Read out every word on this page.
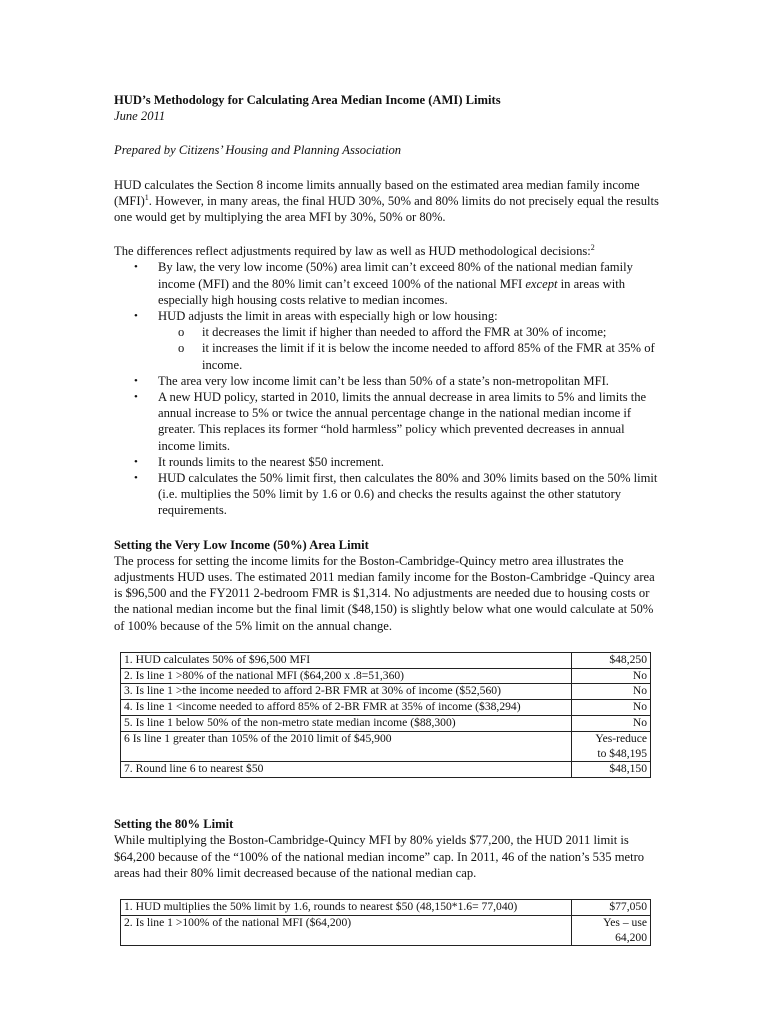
HUD’s Methodology for Calculating Area Median Income (AMI) Limits

June 2011

Prepared by Citizens’ Housing and Planning Association

HUD calculates the Section 8 income limits annually based on the estimated area median family income (MFI)$^1$. However, in many areas, the final HUD 30%, 50% and 80% limits do not precisely equal the results one would get by multiplying the area MFI by 30%, 50% or 80%.

The differences reflect adjustments required by law as well as HUD methodological decisions:$^2$

• By law, the very low income (50%) area limit can’t exceed 80% of the national median family income (MFI) and the 80% limit can’t exceed 100% of the national MFI except in areas with especially high housing costs relative to median incomes.
• HUD adjusts the limit in areas with especially high or low housing:
o it decreases the limit if higher than needed to afford the FMR at 30% of income;
o it increases the limit if it is below the income needed to afford 85% of the FMR at 35% of income.
• The area very low income limit can’t be less than 50% of a state’s non-metropolitan MFI.
• A new HUD policy, started in 2010, limits the annual decrease in area limits to 5% and limits the annual increase to 5% or twice the annual percentage change in the national median income if greater. This replaces its former “hold harmless” policy which prevented decreases in annual income limits.
• It rounds limits to the nearest $50 increment.
• HUD calculates the 50% limit first, then calculates the 80% and 30% limits based on the 50% limit (i.e. multiplies the 50% limit by 1.6 or 0.6) and checks the results against the other statutory requirements.

Setting the Very Low Income (50%) Area Limit

The process for setting the income limits for the Boston-Cambridge-Quincy metro area illustrates the adjustments HUD uses. The estimated 2011 median family income for the Boston-Cambridge -Quincy area is $96,500 and the FY2011 2-bedroom FMR is $1,314. No adjustments are needed due to housing costs or the national median income but the final limit ($48,150) is slightly below what one would calculate at 50% of 100% because of the 5% limit on the annual change.

1. HUD calculates 50% of $96,500 MFI	$48,250
2. Is line 1 >80% of the national MFI ($64,200 x .8=51,360)	No
3. Is line 1 >the income needed to afford 2-BR FMR at 30% of income ($52,560)	No
4. Is line 1 <income needed to afford 85% of 2-BR FMR at 35% of income ($38,294)	No
5. Is line 1 below 50% of the non-metro state median income ($88,300)	No
6 Is line 1 greater than 105% of the 2010 limit of $45,900	Yes-reduce
to $48,195
7. Round line 6 to nearest $50	$48,150

Setting the 80% Limit

While multiplying the Boston-Cambridge-Quincy MFI by 80% yields $77,200, the HUD 2011 limit is $64,200 because of the “100% of the national median income” cap. In 2011, 46 of the nation’s 535 metro areas had their 80% limit decreased because of the national median cap.

1. HUD multiplies the 50% limit by 1.6, rounds to nearest $50 (48,150*1.6= 77,040)	$77,050
2. Is line 1 >100% of the national MFI ($64,200)	Yes – use
64,200
